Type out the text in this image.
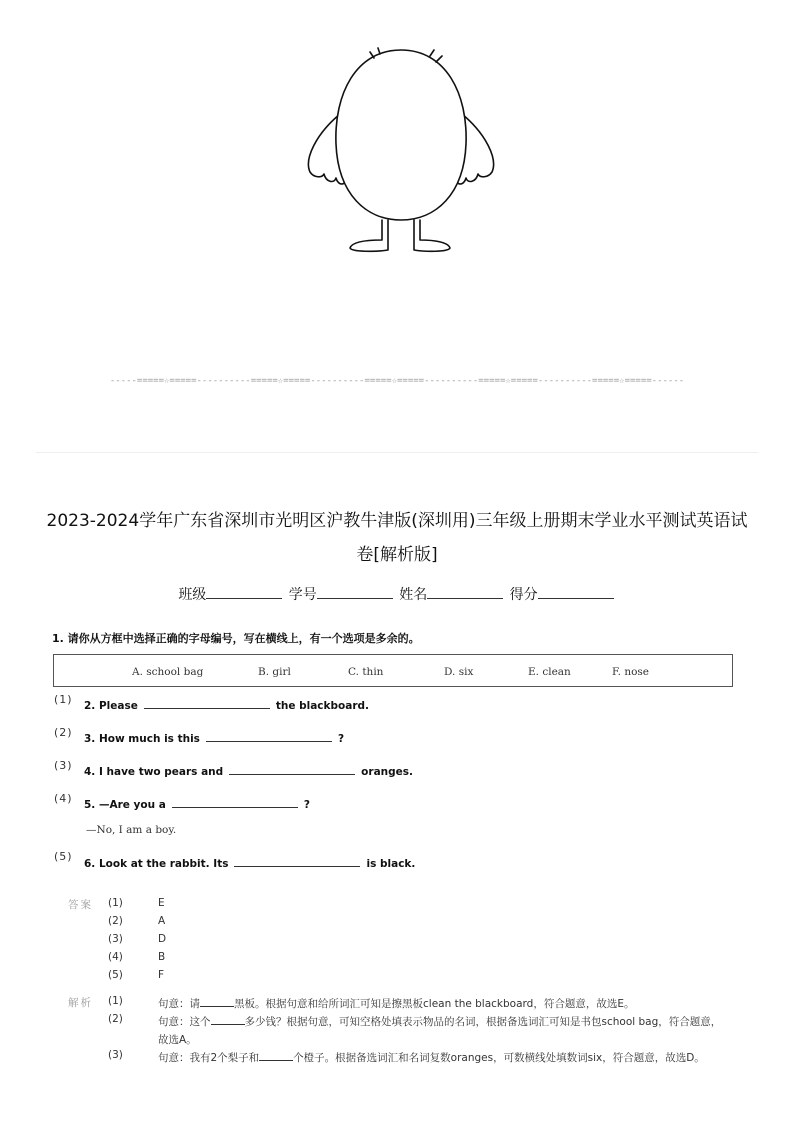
-----=====☆=====----------=====☆=====----------=====☆=====----------=====☆=====----------=====☆=====------
2023-2024学年广东省深圳市光明区沪教牛津版(深圳用)三年级上册期末学业水平测试英语试卷[解析版]
班级	学号	姓名	得分
1. 请你从方框中选择正确的字母编号，写在横线上，有一个选项是多余的。
A. school bag	B. girl	C. thin	D. six	E. clean	F. nose
(1) 2. Please	the blackboard.
(2) 3. How much is this	?
(3) 4. I have two pears and	oranges.
(4) 5. —Are you a	?
—No, I am a boy.
(5)
6. Look at the rabbit. Its	is black.
答案 (1)	E
(2)	A
(3)	D
(4)	B
(5)	F
解析 (1)	句意：请	黑板。根据句意和给所词汇可知是擦黑板clean the blackboard，符合题意，故选E。
(2)	句意：这个	多少钱？根据句意，可知空格处填表示物品的名词，根据备选词汇可知是书包school bag，符合题意，故选A。
(3)	句意：我有2个梨子和	个橙子。根据备选词汇和名词复数oranges，可数横线处填数词six，符合题意，故选D。
